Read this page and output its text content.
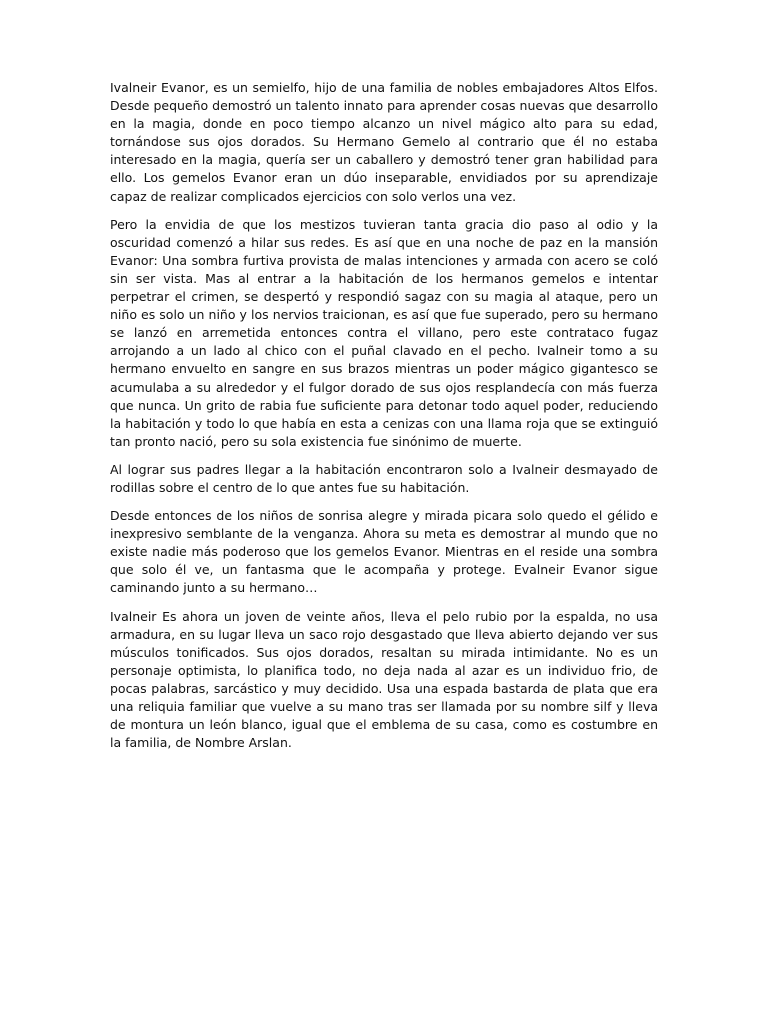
Ivalneir Evanor, es un semielfo, hijo de una familia de nobles embajadores Altos Elfos. Desde pequeño demostró un talento innato para aprender cosas nuevas que desarrollo en la magia, donde en poco tiempo alcanzo un nivel mágico alto para su edad, tornándose sus ojos dorados. Su Hermano Gemelo al contrario que él no estaba interesado en la magia, quería ser un caballero y demostró tener gran habilidad para ello. Los gemelos Evanor eran un dúo inseparable, envidiados por su aprendizaje capaz de realizar complicados ejercicios con solo verlos una vez.

Pero la envidia de que los mestizos tuvieran tanta gracia dio paso al odio y la oscuridad comenzó a hilar sus redes. Es así que en una noche de paz en la mansión Evanor: Una sombra furtiva provista de malas intenciones y armada con acero se coló sin ser vista. Mas al entrar a la habitación de los hermanos gemelos e intentar perpetrar el crimen, se despertó y respondió sagaz con su magia al ataque, pero un niño es solo un niño y los nervios traicionan, es así que fue superado, pero su hermano se lanzó en arremetida entonces contra el villano, pero este contrataco fugaz arrojando a un lado al chico con el puñal clavado en el pecho. Ivalneir tomo a su hermano envuelto en sangre en sus brazos mientras un poder mágico gigantesco se acumulaba a su alrededor y el fulgor dorado de sus ojos resplandecía con más fuerza que nunca. Un grito de rabia fue suficiente para detonar todo aquel poder, reduciendo la habitación y todo lo que había en esta a cenizas con una llama roja que se extinguió tan pronto nació, pero su sola existencia fue sinónimo de muerte.

Al lograr sus padres llegar a la habitación encontraron solo a Ivalneir desmayado de rodillas sobre el centro de lo que antes fue su habitación.

Desde entonces de los niños de sonrisa alegre y mirada picara solo quedo el gélido e inexpresivo semblante de la venganza. Ahora su meta es demostrar al mundo que no existe nadie más poderoso que los gemelos Evanor. Mientras en el reside una sombra que solo él ve, un fantasma que le acompaña y protege. Evalneir Evanor sigue caminando junto a su hermano…

Ivalneir Es ahora un joven de veinte años, lleva el pelo rubio por la espalda, no usa armadura, en su lugar lleva un saco rojo desgastado que lleva abierto dejando ver sus músculos tonificados. Sus ojos dorados, resaltan su mirada intimidante. No es un personaje optimista, lo planifica todo, no deja nada al azar es un individuo frio, de pocas palabras, sarcástico y muy decidido. Usa una espada bastarda de plata que era una reliquia familiar que vuelve a su mano tras ser llamada por su nombre silf y lleva de montura un león blanco, igual que el emblema de su casa, como es costumbre en la familia, de Nombre Arslan.
